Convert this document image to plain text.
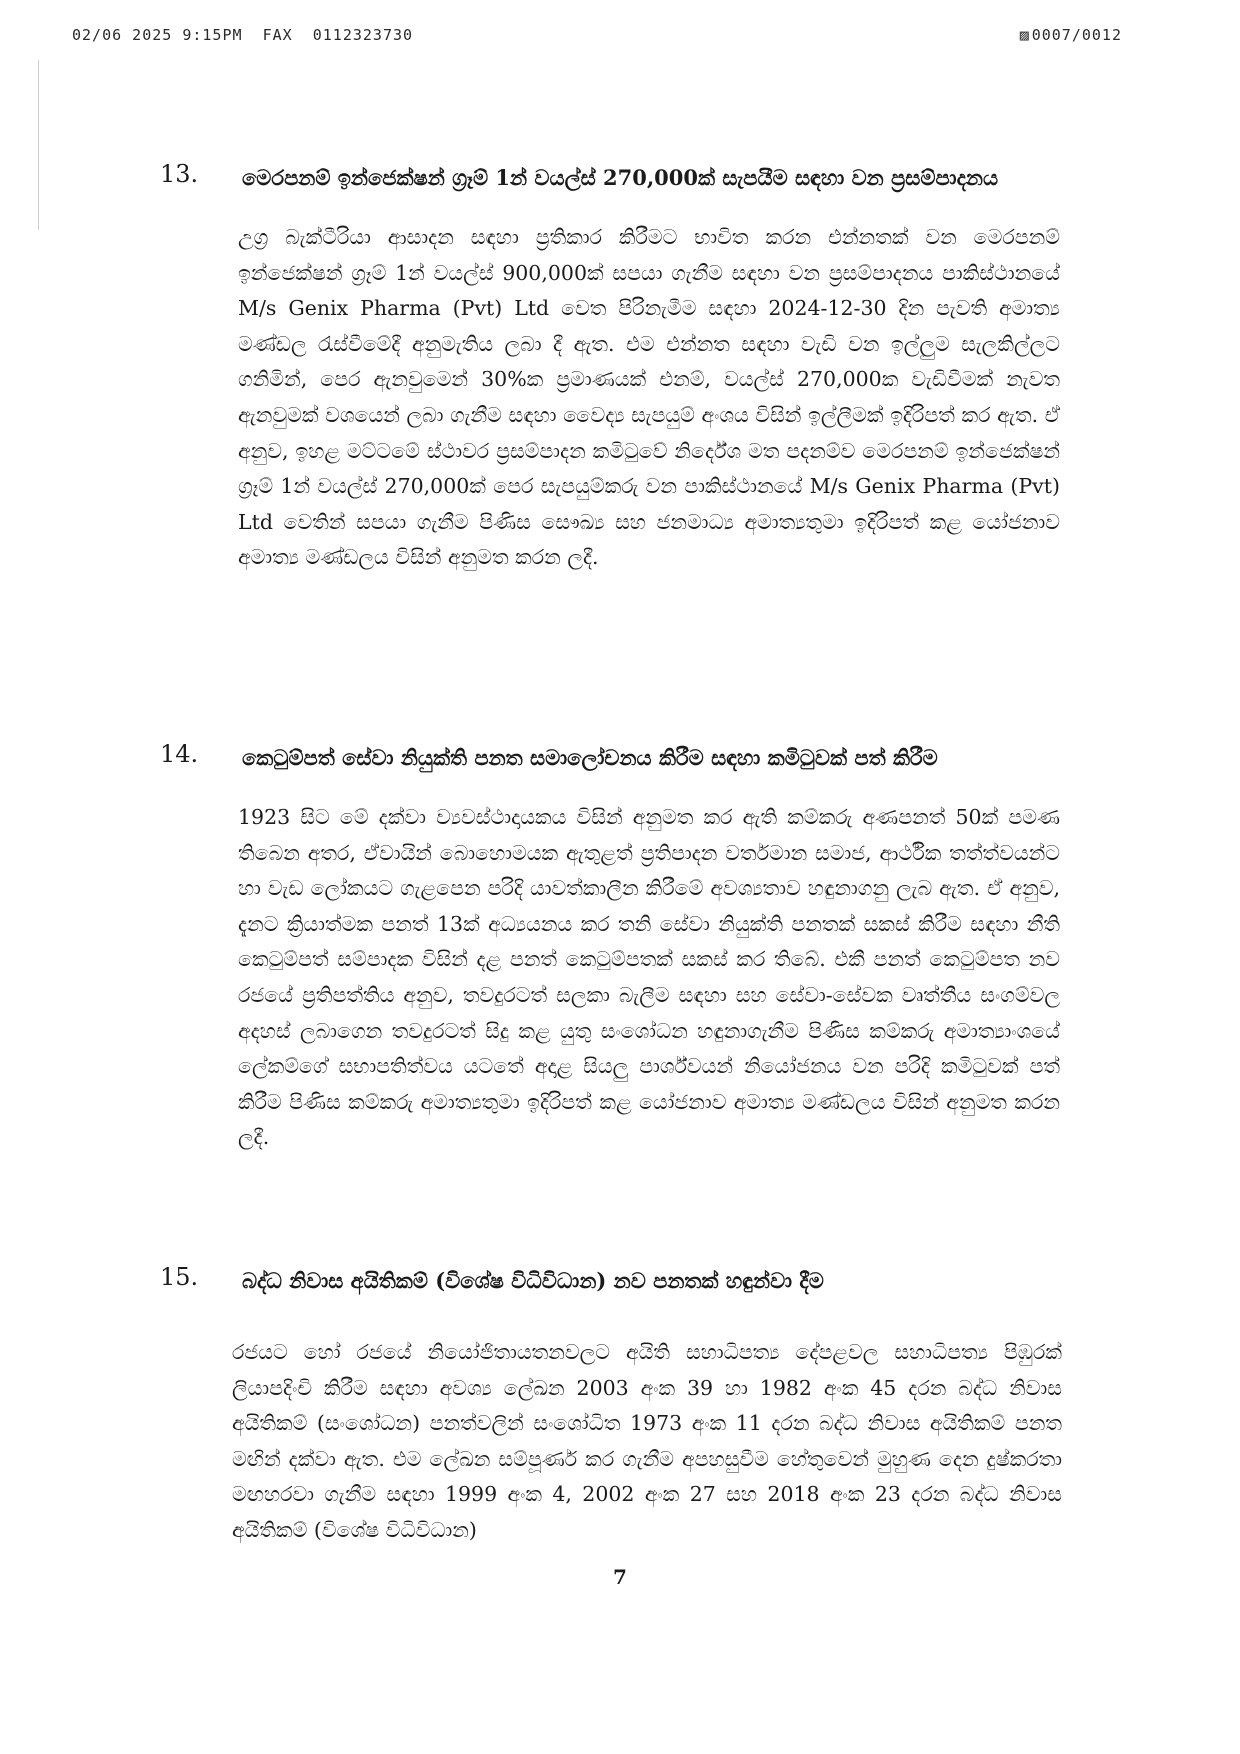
02/06 2025 9:15PM  FAX  0112323730	▨ 0007/0012
13. මෙරපනම් ඉන්ජෙක්ෂන් ග්‍රෑම් 1න් වයල්ස් 270,000ක් සැපයීම සඳහා වන ප්‍රසම්පාදනය

උග්‍ර බැක්ටීරියා ආසාදන සඳහා ප්‍රතිකාර කිරීමට භාවිත කරන එන්නතක් වන මෙරපනම් ඉන්ජෙක්ෂන් ග්‍රෑම් 1න් වයල්ස් 900,000ක් සපයා ගැනීම සඳහා වන ප්‍රසම්පාදනය පාකිස්ථානයේ M/s Genix Pharma (Pvt) Ltd වෙත පිරිනැමීම සඳහා 2024-12-30 දින පැවති අමාත්‍ය මණ්ඩල රැස්වීමේදී අනුමැතිය ලබා දී ඇත. එම එන්නත සඳහා වැඩි වන ඉල්ලුම සැලකිල්ලට ගනිමින්, පෙර ඇනවුමෙන් 30%ක ප්‍රමාණයක් එනම්, වයල්ස් 270,000ක වැඩිවීමක් නැවත ඇනවුමක් වශයෙන් ලබා ගැනීම සඳහා වෛද්‍ය සැපයුම් අංශය විසින් ඉල්ලීමක් ඉදිරිපත් කර ඇත. ඒ අනුව, ඉහළ මට්ටමේ ස්ථාවර ප්‍රසම්පාදන කමිටුවේ නිර්දේශ මත පදනම්ව මෙරපනම් ඉන්ජෙක්ෂන් ග්‍රෑම් 1න් වයල්ස් 270,000ක් පෙර සැපයුම්කරු වන පාකිස්ථානයේ M/s Genix Pharma (Pvt) Ltd වෙතින් සපයා ගැනීම පිණිස සෞඛ්‍ය සහ ජනමාධ්‍ය අමාත්‍යතුමා ඉදිරිපත් කළ යෝජනාව අමාත්‍ය මණ්ඩලය විසින් අනුමත කරන ලදී.

14. කෙටුම්පත් සේවා නියුක්ති පනත සමාලෝචනය කිරීම සඳහා කමිටුවක් පත් කිරීම

1923 සිට මේ දක්වා ව්‍යවස්ථාදායකය විසින් අනුමත කර ඇති කම්කරු අණපනත් 50ක් පමණ තිබෙන අතර, ඒවායින් බොහොමයක ඇතුළත් ප්‍රතිපාදන වර්තමාන සමාජ, ආර්ථික තත්ත්වයන්ට හා වැඩ ලෝකයට ගැළපෙන පරිදි යාවත්කාලීන කිරීමේ අවශ්‍යතාව හඳුනාගනු ලැබ ඇත. ඒ අනුව, දැනට ක්‍රියාත්මක පනත් 13ක් අධ්‍යයනය කර තනි සේවා නියුක්ති පනතක් සකස් කිරීම සඳහා නීති කෙටුම්පත් සම්පාදක විසින් දළ පනත් කෙටුම්පතක් සකස් කර තිබේ. එකී පනත් කෙටුම්පත නව රජයේ ප්‍රතිපත්තිය අනුව, තවදුරටත් සලකා බැලීම සඳහා සහ සේවා-සේවක වෘත්තීය සංගම්වල අදහස් ලබාගෙන තවදුරටත් සිදු කළ යුතු සංශෝධන හඳුනාගැනීම පිණිස කම්කරු අමාත්‍යාංශයේ ලේකම්ගේ සභාපතිත්වය යටතේ අදාළ සියලු පාර්ශ්වයන් නියෝජනය වන පරිදි කමිටුවක් පත් කිරීම පිණිස කම්කරු අමාත්‍යතුමා ඉදිරිපත් කළ යෝජනාව අමාත්‍ය මණ්ඩලය විසින් අනුමත කරන ලදී.

15. බද්ධ නිවාස අයිතිකම් (විශේෂ විධිවිධාන) නව පනතක් හඳුන්වා දීම

රජයට හෝ රජයේ නියෝජිතායතනවලට අයිති සහාධිපත්‍ය දේපළවල සහාධිපත්‍ය පිඹුරක් ලියාපදිංචි කිරීම සඳහා අවශ්‍ය ලේඛන 2003 අංක 39 හා 1982 අංක 45 දරන බද්ධ නිවාස අයිතිකම් (සංශෝධන) පනත්වලින් සංශෝධිත 1973 අංක 11 දරන බද්ධ නිවාස අයිතිකම් පනත මඟින් දක්වා ඇත. එම ලේඛන සම්පූර්ණ කර ගැනීම අපහසුවීම හේතුවෙන් මුහුණ දෙන දුෂ්කරතා මඟහරවා ගැනීම සඳහා 1999 අංක 4, 2002 අංක 27 සහ 2018 අංක 23 දරන බද්ධ නිවාස අයිතිකම් (විශේෂ විධිවිධාන)

7
